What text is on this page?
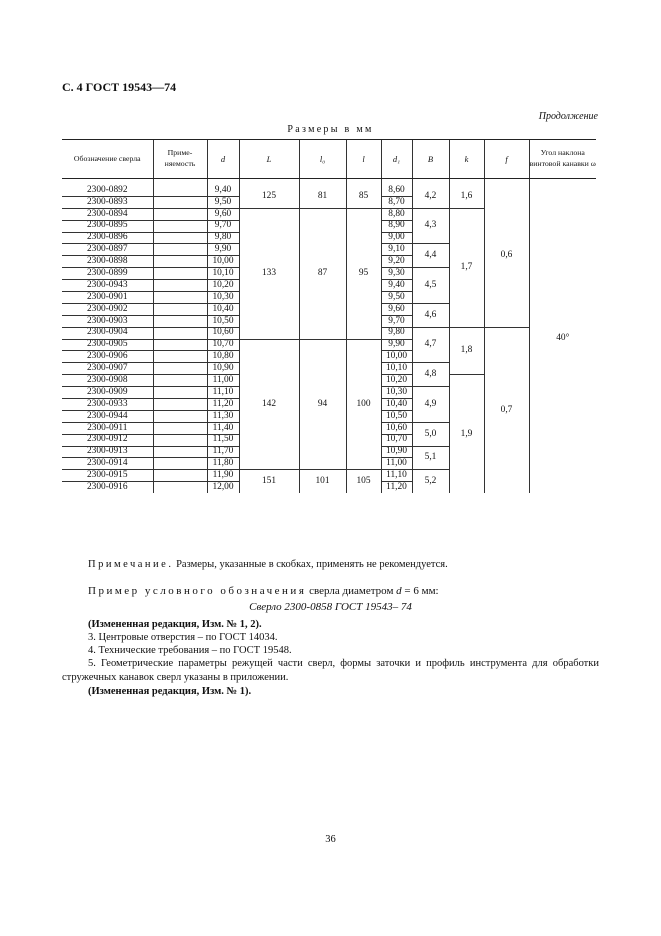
С. 4 ГОСТ 19543—74
Продолжение
Размеры в мм
Обозначение сверла	Приме- няемость	d	L	l₀	l	d₁	B	k	f	Угол наклона винтовой канавки ω

2300-0892		9,40	125	81	85	8,60	4,2	1,6	0,6	40°
2300-0893		9,50				8,70				
2300-0894		9,60	133	87	95	8,80	4,3	1,7		
2300-0895		9,70				8,90				
2300-0896		9,80				9,00				
2300-0897		9,90				9,10	4,4			
2300-0898		10,00				9,20				
2300-0899		10,10				9,30	4,5			
2300-0943		10,20				9,40				
2300-0901		10,30				9,50				
2300-0902		10,40				9,60	4,6			
2300-0903		10,50				9,70				
2300-0904		10,60				9,80	4,7	1,8	0,7	
2300-0905		10,70	142	94	100	9,90				
2300-0906		10,80				10,00				
2300-0907		10,90				10,10	4,8			
2300-0908		11,00				10,20		1,9		
2300-0909		11,10				10,30	4,9			
2300-0933		11,20				10,40				
2300-0944		11,30				10,50				
2300-0911		11,40				10,60	5,0			
2300-0912		11,50				10,70				
2300-0913		11,70				10,90	5,1			
2300-0914		11,80				11,00				
2300-0915		11,90	151	101	105	11,10	5,2			
2300-0916		12,00				11,20				
Примечание. Размеры, указанные в скобках, применять не рекомендуется.
Пример условного обозначения сверла диаметром d = 6 мм:
Сверло 2300-0858 ГОСТ 19543– 74
(Измененная редакция, Изм. № 1, 2).
3. Центровые отверстия – по ГОСТ 14034.
4. Технические требования – по ГОСТ 19548.
5. Геометрические параметры режущей части сверл, формы заточки и профиль инструмента для обработки стружечных канавок сверл указаны в приложении.
(Измененная редакция, Изм. № 1).
36
